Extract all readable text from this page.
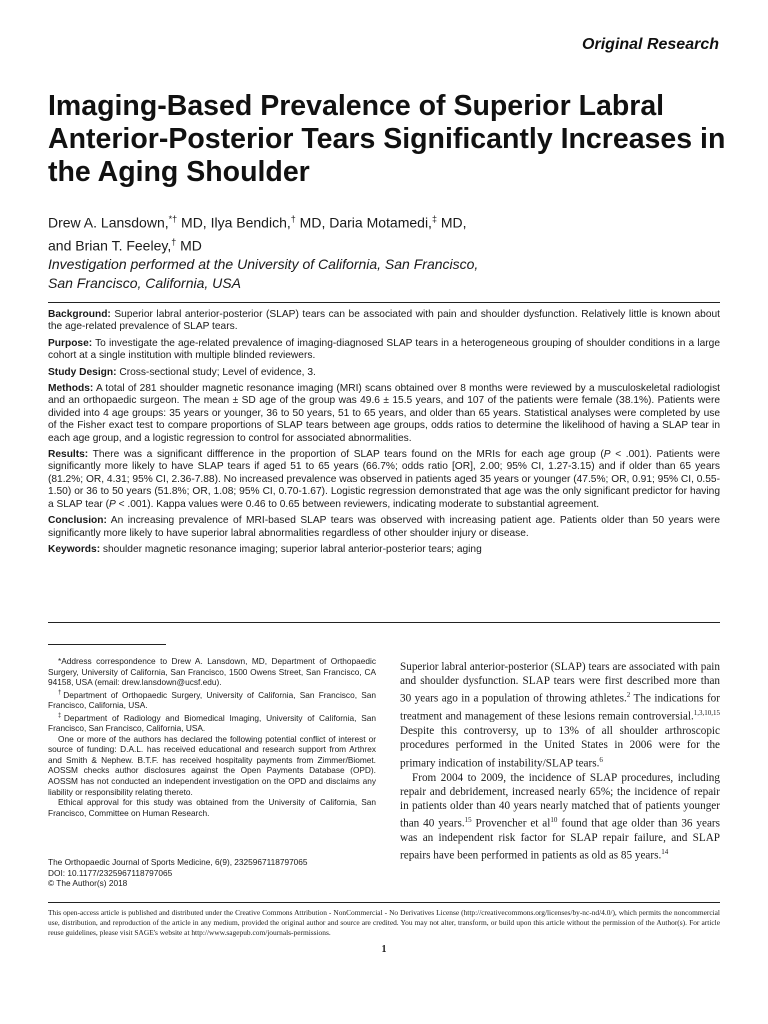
Original Research
Imaging-Based Prevalence of Superior Labral Anterior-Posterior Tears Significantly Increases in the Aging Shoulder
Drew A. Lansdown,*† MD, Ilya Bendich,† MD, Daria Motamedi,‡ MD,
and Brian T. Feeley,† MD
Investigation performed at the University of California, San Francisco,
San Francisco, California, USA

Background: Superior labral anterior-posterior (SLAP) tears can be associated with pain and shoulder dysfunction. Relatively little is known about the age-related prevalence of SLAP tears.

Purpose: To investigate the age-related prevalence of imaging-diagnosed SLAP tears in a heterogeneous grouping of shoulder conditions in a large cohort at a single institution with multiple blinded reviewers.

Study Design: Cross-sectional study; Level of evidence, 3.

Methods: A total of 281 shoulder magnetic resonance imaging (MRI) scans obtained over 8 months were reviewed by a musculoskeletal radiologist and an orthopaedic surgeon. The mean ± SD age of the group was 49.6 ± 15.5 years, and 107 of the patients were female (38.1%). Patients were divided into 4 age groups: 35 years or younger, 36 to 50 years, 51 to 65 years, and older than 65 years. Statistical analyses were completed by use of the Fisher exact test to compare proportions of SLAP tears between age groups, odds ratios to determine the likelihood of having a SLAP tear in each age group, and a logistic regression to control for associated abnormalities.

Results: There was a significant diffference in the proportion of SLAP tears found on the MRIs for each age group (P < .001). Patients were significantly more likely to have SLAP tears if aged 51 to 65 years (66.7%; odds ratio [OR], 2.00; 95% CI, 1.27-3.15) and if older than 65 years (81.2%; OR, 4.31; 95% CI, 2.36-7.88). No increased prevalence was observed in patients aged 35 years or younger (47.5%; OR, 0.91; 95% CI, 0.55-1.50) or 36 to 50 years (51.8%; OR, 1.08; 95% CI, 0.70-1.67). Logistic regression demonstrated that age was the only significant predictor for having a SLAP tear (P < .001). Kappa values were 0.46 to 0.65 between reviewers, indicating moderate to substantial agreement.

Conclusion: An increasing prevalence of MRI-based SLAP tears was observed with increasing patient age. Patients older than 50 years were significantly more likely to have superior labral abnormalities regardless of other shoulder injury or disease.

Keywords: shoulder magnetic resonance imaging; superior labral anterior-posterior tears; aging

*Address correspondence to Drew A. Lansdown, MD, Department of Orthopaedic Surgery, University of California, San Francisco, 1500 Owens Street, San Francisco, CA 94158, USA (email: drew.lansdown@ucsf.edu).

†Department of Orthopaedic Surgery, University of California, San Francisco, San Francisco, California, USA.

‡Department of Radiology and Biomedical Imaging, University of California, San Francisco, San Francisco, California, USA.

One or more of the authors has declared the following potential conflict of interest or source of funding: D.A.L. has received educational and research support from Arthrex and Smith & Nephew. B.T.F. has received hospitality payments from Zimmer/Biomet. AOSSM checks author disclosures against the Open Payments Database (OPD). AOSSM has not conducted an independent investigation on the OPD and disclaims any liability or responsibility relating thereto.

Ethical approval for this study was obtained from the University of California, San Francisco, Committee on Human Research.

The Orthopaedic Journal of Sports Medicine, 6(9), 2325967118797065

DOI: 10.1177/2325967118797065

© The Author(s) 2018

Superior labral anterior-posterior (SLAP) tears are associated with pain and shoulder dysfunction. SLAP tears were first described more than 30 years ago in a population of throwing athletes.$^2$ The indications for treatment and management of these lesions remain controversial.$^{1,3,10,15}$ Despite this controversy, up to 13% of all shoulder arthroscopic procedures performed in the United States in 2006 were for the primary indication of instability/SLAP tears.$^6$

From 2004 to 2009, the incidence of SLAP procedures, including repair and debridement, increased nearly 65%; the incidence of repair in patients older than 40 years nearly matched that of patients younger than 40 years.$^{15}$ Provencher et $al^{10}$ found that age older than 36 years was an independent risk factor for SLAP repair failure, and SLAP repairs have been performed in patients as old as 85 years.$^{14}$

This open-access article is published and distributed under the Creative Commons Attribution - NonCommercial - No Derivatives License (http://creativecommons.org/licenses/by-nc-nd/4.0/), which permits the noncommercial use, distribution, and reproduction of the article in any medium, provided the original author and source are credited. You may not alter, transform, or build upon this article without the permission of the Author(s). For article reuse guidelines, please visit SAGE's website at http://www.sagepub.com/journals-permissions.
1
